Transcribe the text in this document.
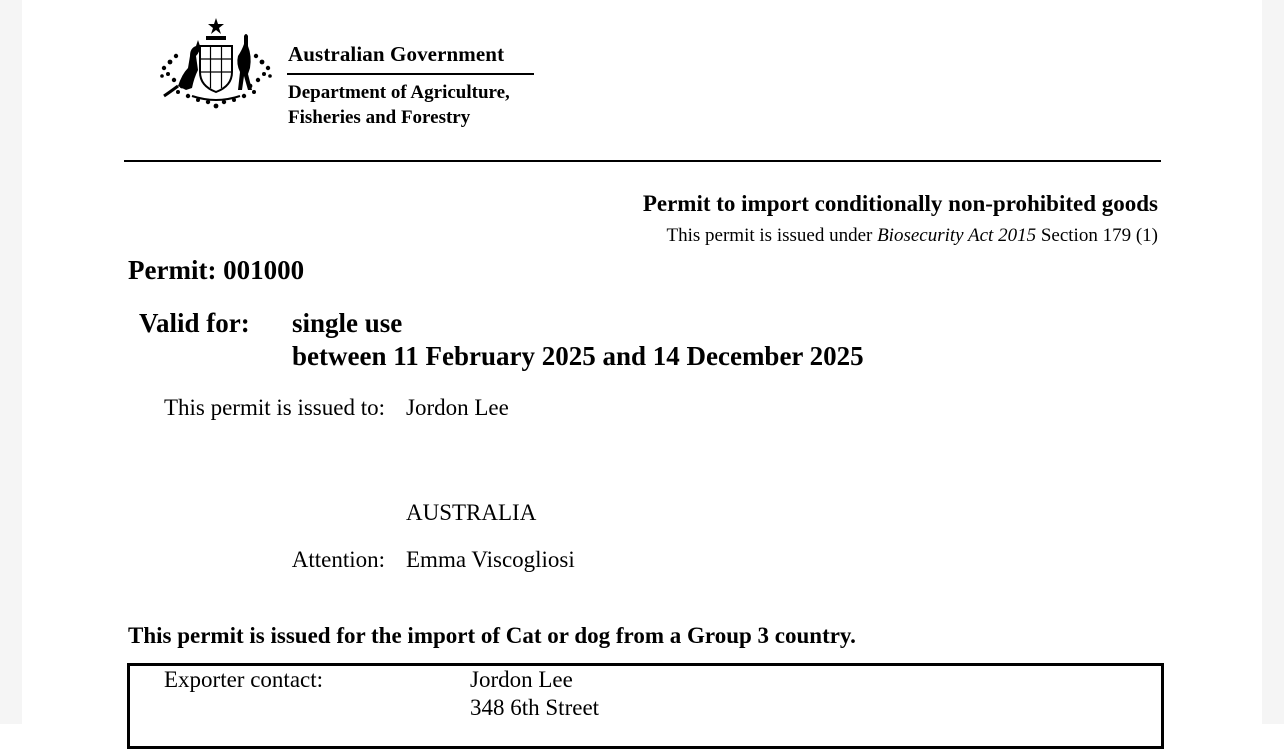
Australian Government
Department of Agriculture,
Fisheries and Forestry
Permit to import conditionally non-prohibited goods
This permit is issued under Biosecurity Act 2015 Section 179 (1)
Permit: 001000
Valid for: single use
between 11 February 2025 and 14 December 2025
This permit is issued to: Jordon Lee
AUSTRALIA
Attention: Emma Viscogliosi
This permit is issued for the import of Cat or dog from a Group 3 country.
Exporter contact:	Jordon Lee
348 6th Street
